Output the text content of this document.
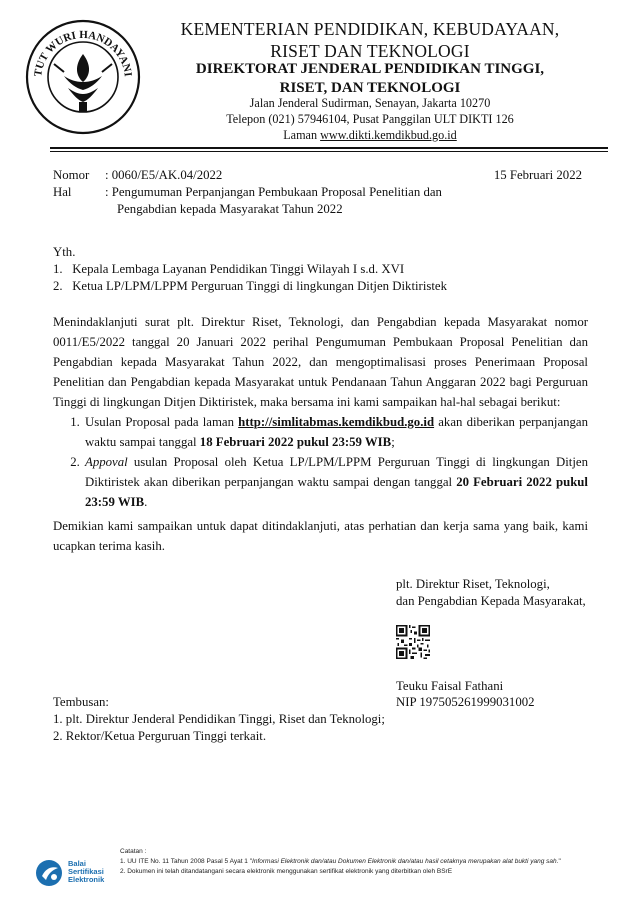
TUT WURI HANDAYANI
KEMENTERIAN PENDIDIKAN, KEBUDAYAAN,
RISET DAN TEKNOLOGI
DIREKTORAT JENDERAL PENDIDIKAN TINGGI,
RISET, DAN TEKNOLOGI
Jalan Jenderal Sudirman, Senayan, Jakarta 10270
Telepon (021) 57946104, Pusat Panggilan ULT DIKTI 126
Laman www.dikti.kemdikbud.go.id
Nomor : 0060/E5/AK.04/2022	15 Februari 2022
Hal	: Pengumuman Perpanjangan Pembukaan Proposal Penelitian dan
Pengabdian kepada Masyarakat Tahun 2022
Yth.
1.   Kepala Lembaga Layanan Pendidikan Tinggi Wilayah I s.d. XVI
2.   Ketua LP/LPM/LPPM Perguruan Tinggi di lingkungan Ditjen Diktiristek
Menindaklanjuti surat plt. Direktur Riset, Teknologi, dan Pengabdian kepada Masyarakat nomor 0011/E5/2022 tanggal 20 Januari 2022 perihal Pengumuman Pembukaan Proposal Penelitian dan Pengabdian kepada Masyarakat Tahun 2022, dan mengoptimalisasi proses Penerimaan Proposal Penelitian dan Pengabdian kepada Masyarakat untuk Pendanaan Tahun Anggaran 2022 bagi Perguruan Tinggi di lingkungan Ditjen Diktiristek, maka bersama ini kami sampaikan hal-hal sebagai berikut:
1. Usulan Proposal pada laman http://simlitabmas.kemdikbud.go.id akan diberikan perpanjangan waktu sampai tanggal 18 Februari 2022 pukul 23:59 WIB;
2. Appoval usulan Proposal oleh Ketua LP/LPM/LPPM Perguruan Tinggi di lingkungan Ditjen Diktiristek akan diberikan perpanjangan waktu sampai dengan tanggal 20 Februari 2022 pukul 23:59 WIB.
Demikian kami sampaikan untuk dapat ditindaklanjuti, atas perhatian dan kerja sama yang baik, kami ucapkan terima kasih.
plt. Direktur Riset, Teknologi,
dan Pengabdian Kepada Masyarakat,
Teuku Faisal Fathani
NIP 197505261999031002
Tembusan:
1. plt. Direktur Jenderal Pendidikan Tinggi, Riset dan Teknologi;
2. Rektor/Ketua Perguruan Tinggi terkait.
Balai
Sertifikasi
Elektronik
Catatan :
1. UU ITE No. 11 Tahun 2008 Pasal 5 Ayat 1 "Informasi Elektronik dan/atau Dokumen Elektronik dan/atau hasil cetaknya merupakan alat bukti yang sah."
2. Dokumen ini telah ditandatangani secara elektronik menggunakan sertifikat elektronik yang diterbitkan oleh BSrE
